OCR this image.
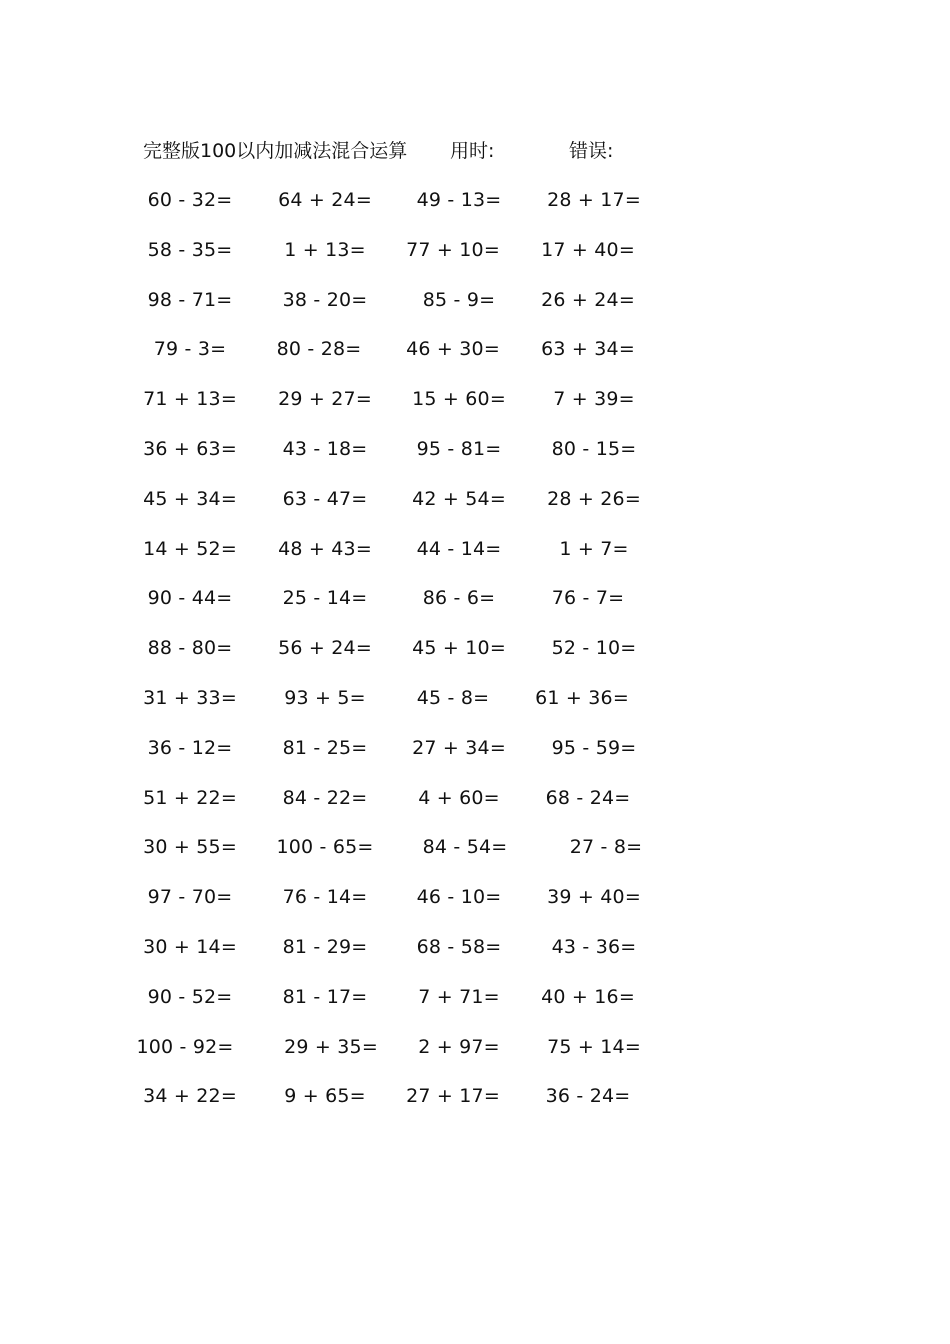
完整版100以内加减法混合运算 用时:	错误:
60 - 32=	64 + 24=	49 - 13=	28 + 17=
58 - 35=	1 + 13=	77 + 10=	17 + 40=
98 - 71=	38 - 20=	85 - 9=	26 + 24=
79 - 3=	80 - 28=	46 + 30=	63 + 34=
71 + 13=	29 + 27=	15 + 60=	7 + 39=
36 + 63=	43 - 18=	95 - 81=	80 - 15=
45 + 34=	63 - 47=	42 + 54=	28 + 26=
14 + 52=	48 + 43=	44 - 14=	1 + 7=
90 - 44=	25 - 14=	86 - 6=	76 - 7=
88 - 80=	56 + 24=	45 + 10=	52 - 10=
31 + 33=	93 + 5=	45 - 8=	61 + 36=
36 - 12=	81 - 25=	27 + 34=	95 - 59=
51 + 22=	84 - 22=	4 + 60=	68 - 24=
30 + 55=	100 - 65=	84 - 54=	27 - 8=
97 - 70=	76 - 14=	46 - 10=	39 + 40=
30 + 14=	81 - 29=	68 - 58=	43 - 36=
90 - 52=	81 - 17=	7 + 71=	40 + 16=
100 - 92=	29 + 35=	2 + 97=	75 + 14=
34 + 22=	9 + 65=	27 + 17=	36 - 24=
